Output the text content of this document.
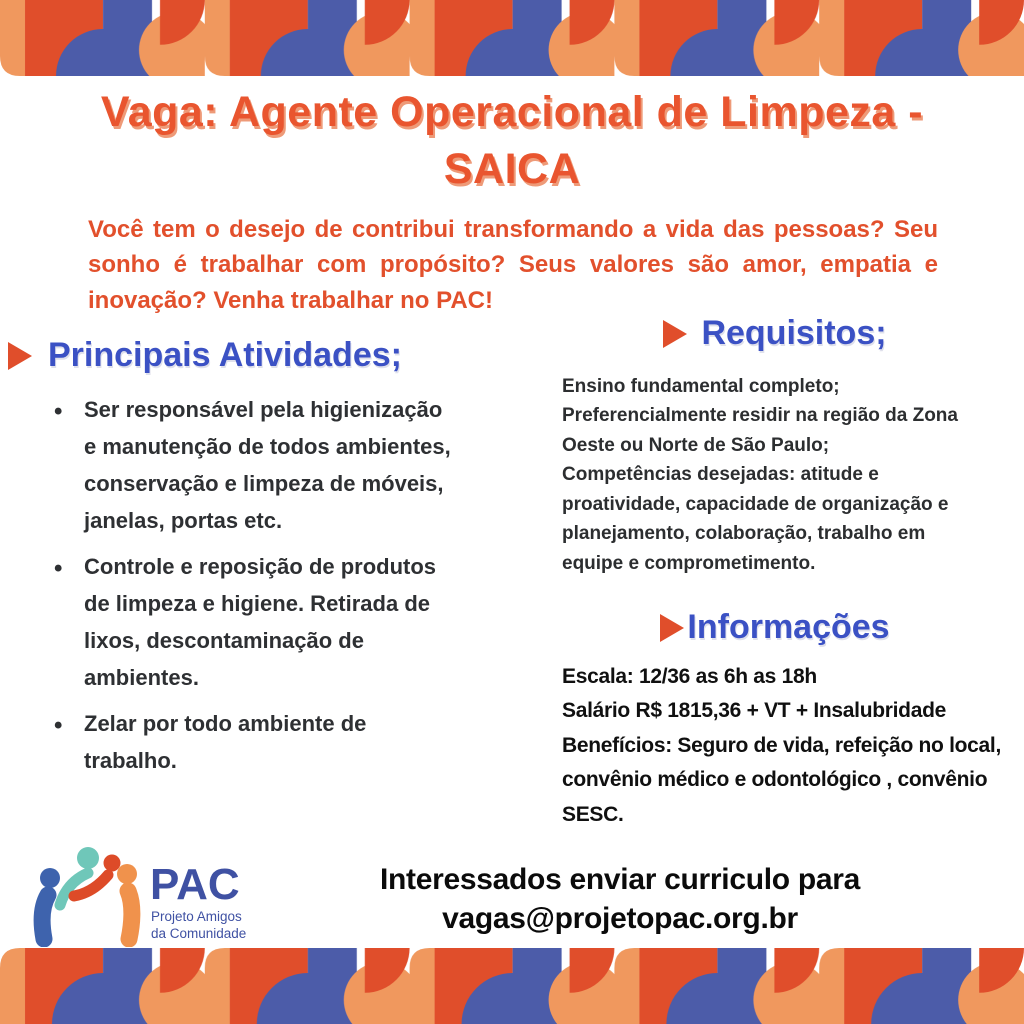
Vaga: Agente Operacional de Limpeza -
SAICA

Você tem o desejo de contribui transformando a vida das pessoas? Seu sonho é trabalhar com propósito? Seus valores são amor, empatia e inovação? Venha trabalhar no PAC!

Principais Atividades;
• Ser responsável pela higienização e manutenção de todos ambientes, conservação e limpeza de móveis, janelas, portas etc.
• Controle e reposição de produtos de limpeza e higiene. Retirada de lixos, descontaminação de ambientes.
• Zelar por todo ambiente de trabalho.
Requisitos;
Ensino fundamental completo;
Preferencialmente residir na região da Zona Oeste ou Norte de São Paulo;
Competências desejadas: atitude e proatividade, capacidade de organização e planejamento, colaboração, trabalho em equipe e comprometimento.
Informações
Escala: 12/36 as 6h as 18h
Salário R$ 1815,36 + VT + Insalubridade
Benefícios: Seguro de vida, refeição no local, convênio médico e odontológico , convênio SESC.
PAC
Projeto Amigos
da Comunidade
Interessados enviar curriculo para
vagas@projetopac.org.br
